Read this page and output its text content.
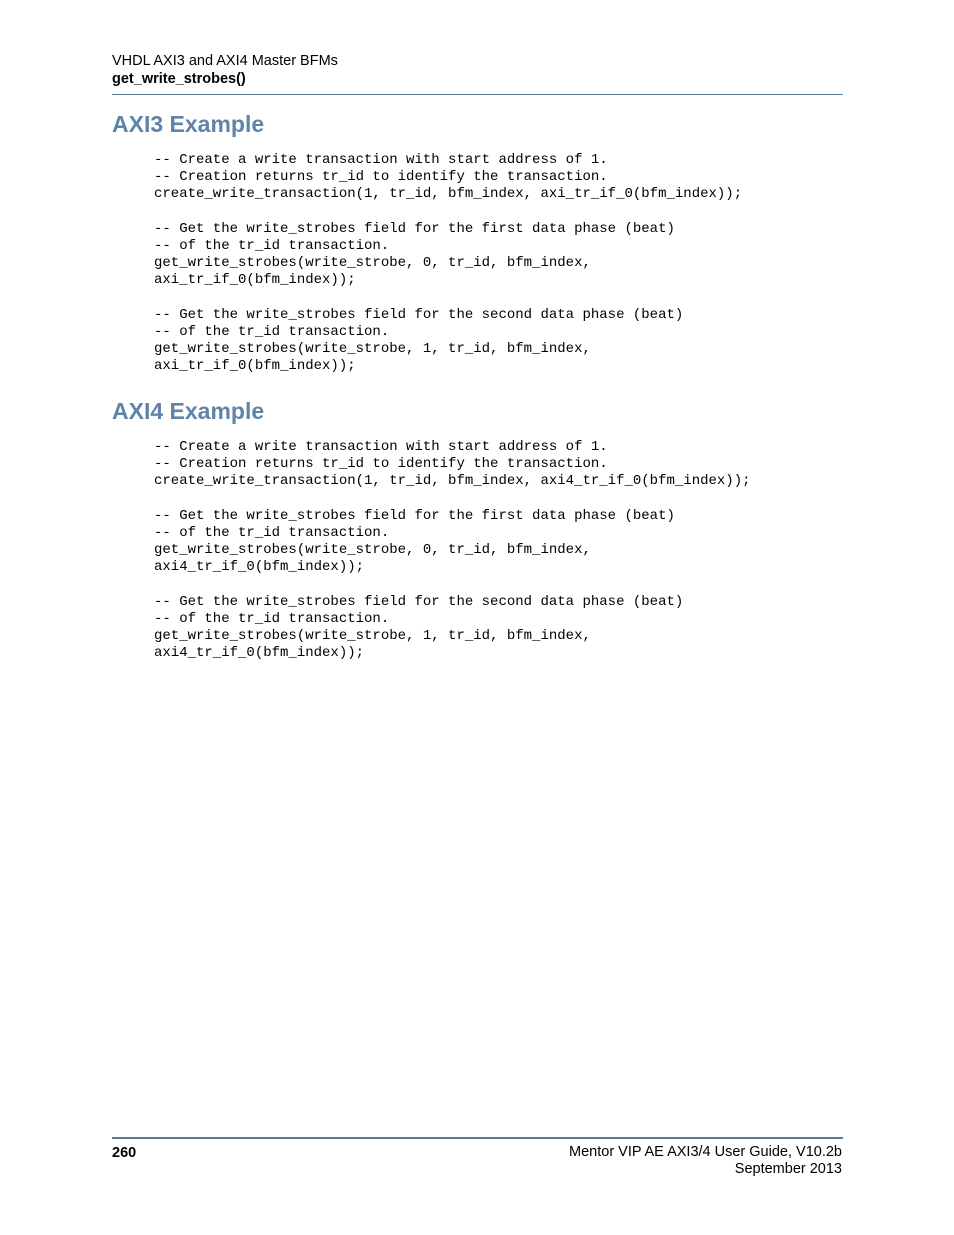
VHDL AXI3 and AXI4 Master BFMs
get_write_strobes()
AXI3 Example
-- Create a write transaction with start address of 1.
-- Creation returns tr_id to identify the transaction.
create_write_transaction(1, tr_id, bfm_index, axi_tr_if_0(bfm_index));

-- Get the write_strobes field for the first data phase (beat)
-- of the tr_id transaction.
get_write_strobes(write_strobe, 0, tr_id, bfm_index,
axi_tr_if_0(bfm_index));

-- Get the write_strobes field for the second data phase (beat)
-- of the tr_id transaction.
get_write_strobes(write_strobe, 1, tr_id, bfm_index,
axi_tr_if_0(bfm_index));
AXI4 Example
-- Create a write transaction with start address of 1.
-- Creation returns tr_id to identify the transaction.
create_write_transaction(1, tr_id, bfm_index, axi4_tr_if_0(bfm_index));

-- Get the write_strobes field for the first data phase (beat)
-- of the tr_id transaction.
get_write_strobes(write_strobe, 0, tr_id, bfm_index,
axi4_tr_if_0(bfm_index));

-- Get the write_strobes field for the second data phase (beat)
-- of the tr_id transaction.
get_write_strobes(write_strobe, 1, tr_id, bfm_index,
axi4_tr_if_0(bfm_index));
260	Mentor VIP AE AXI3/4 User Guide, V10.2b
September 2013
